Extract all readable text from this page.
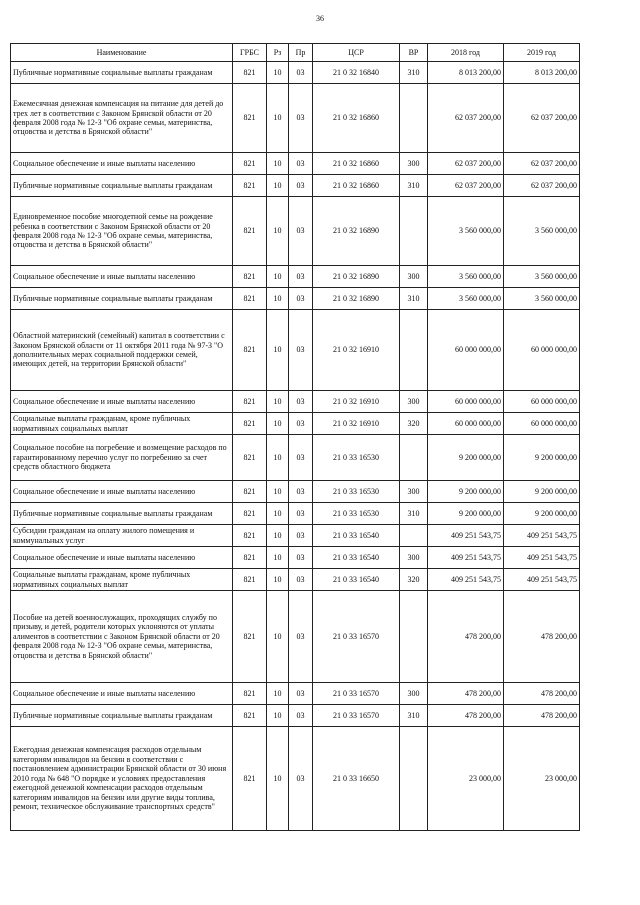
36
Наименование	ГРБС	Рз	Пр	ЦСР	ВР	2018 год	2019 год
Публичные нормативные социальные выплаты гражданам	821	10	03	21 0 32 16840	310	8 013 200,00	8 013 200,00
Ежемесячная денежная компенсация на питание для детей до трех лет в соответствии с Законом Брянской области от 20 февраля 2008 года № 12-З "Об охране семьи, материнства, отцовства и детства в Брянской области"	821	10	03	21 0 32 16860		62 037 200,00	62 037 200,00
Социальное обеспечение и иные выплаты населению	821	10	03	21 0 32 16860	300	62 037 200,00	62 037 200,00
Публичные нормативные социальные выплаты гражданам	821	10	03	21 0 32 16860	310	62 037 200,00	62 037 200,00
Единовременное пособие многодетной семье на рождение ребенка в соответствии с Законом Брянской области от 20 февраля 2008 года № 12-З "Об охране семьи, материнства, отцовства и детства в Брянской области"	821	10	03	21 0 32 16890		3 560 000,00	3 560 000,00
Социальное обеспечение и иные выплаты населению	821	10	03	21 0 32 16890	300	3 560 000,00	3 560 000,00
Публичные нормативные социальные выплаты гражданам	821	10	03	21 0 32 16890	310	3 560 000,00	3 560 000,00
Областной материнский (семейный) капитал в соответствии с Законом Брянской области от 11 октября 2011 года № 97-З "О дополнительных мерах социальной поддержки семей, имеющих детей, на территории Брянской области"	821	10	03	21 0 32 16910		60 000 000,00	60 000 000,00
Социальное обеспечение и иные выплаты населению	821	10	03	21 0 32 16910	300	60 000 000,00	60 000 000,00
Социальные выплаты гражданам, кроме публичных нормативных социальных выплат	821	10	03	21 0 32 16910	320	60 000 000,00	60 000 000,00
Социальное пособие на погребение и возмещение расходов по гарантированному перечню услуг по погребению за счет средств областного бюджета	821	10	03	21 0 33 16530		9 200 000,00	9 200 000,00
Социальное обеспечение и иные выплаты населению	821	10	03	21 0 33 16530	300	9 200 000,00	9 200 000,00
Публичные нормативные социальные выплаты гражданам	821	10	03	21 0 33 16530	310	9 200 000,00	9 200 000,00
Субсидии гражданам на оплату жилого помещения и коммунальных услуг	821	10	03	21 0 33 16540		409 251 543,75	409 251 543,75
Социальное обеспечение и иные выплаты населению	821	10	03	21 0 33 16540	300	409 251 543,75	409 251 543,75
Социальные выплаты гражданам, кроме публичных нормативных социальных выплат	821	10	03	21 0 33 16540	320	409 251 543,75	409 251 543,75
Пособие на детей военнослужащих, проходящих службу по призыву, и детей, родители которых уклоняются от уплаты алиментов в соответствии с Законом Брянской области от 20 февраля 2008 года № 12-З "Об охране семьи, материнства, отцовства и детства в Брянской области"	821	10	03	21 0 33 16570		478 200,00	478 200,00
Социальное обеспечение и иные выплаты населению	821	10	03	21 0 33 16570	300	478 200,00	478 200,00
Публичные нормативные социальные выплаты гражданам	821	10	03	21 0 33 16570	310	478 200,00	478 200,00
Ежегодная денежная компенсация расходов отдельным категориям инвалидов на бензин в соответствии с постановлением администрации Брянской области от 30 июня 2010 года № 648 "О порядке и условиях предоставления ежегодной денежной компенсации расходов отдельным категориям инвалидов на бензин или другие виды топлива, ремонт, техническое обслуживание транспортных средств"	821	10	03	21 0 33 16650		23 000,00	23 000,00
